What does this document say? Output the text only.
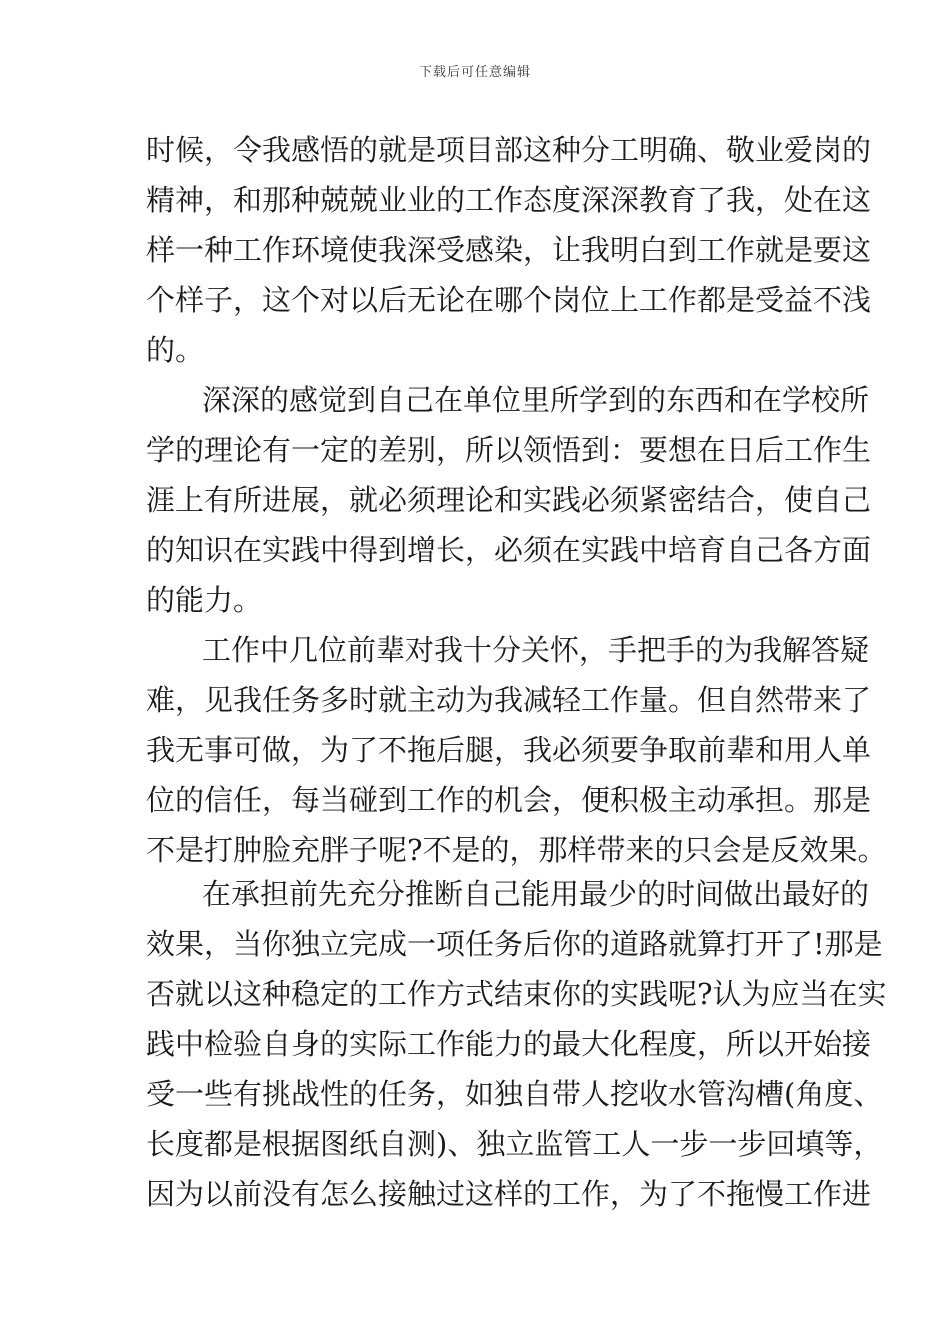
下载后可任意编辑
时候，令我感悟的就是项目部这种分工明确、敬业爱岗的
精神，和那种兢兢业业的工作态度深深教育了我，处在这
样一种工作环境使我深受感染，让我明白到工作就是要这
个样子，这个对以后无论在哪个岗位上工作都是受益不浅
的。
深深的感觉到自己在单位里所学到的东西和在学校所
学的理论有一定的差别，所以领悟到：要想在日后工作生
涯上有所进展，就必须理论和实践必须紧密结合，使自己
的知识在实践中得到增长，必须在实践中培育自己各方面
的能力。
工作中几位前辈对我十分关怀，手把手的为我解答疑
难，见我任务多时就主动为我减轻工作量。但自然带来了
我无事可做，为了不拖后腿，我必须要争取前辈和用人单
位的信任，每当碰到工作的机会，便积极主动承担。那是
不是打肿脸充胖子呢?不是的，那样带来的只会是反效果。
在承担前先充分推断自己能用最少的时间做出最好的
效果，当你独立完成一项任务后你的道路就算打开了!那是
否就以这种稳定的工作方式结束你的实践呢?认为应当在实
践中检验自身的实际工作能力的最大化程度，所以开始接
受一些有挑战性的任务，如独自带人挖收水管沟槽(角度、
长度都是根据图纸自测)、独立监管工人一步一步回填等，
因为以前没有怎么接触过这样的工作，为了不拖慢工作进
